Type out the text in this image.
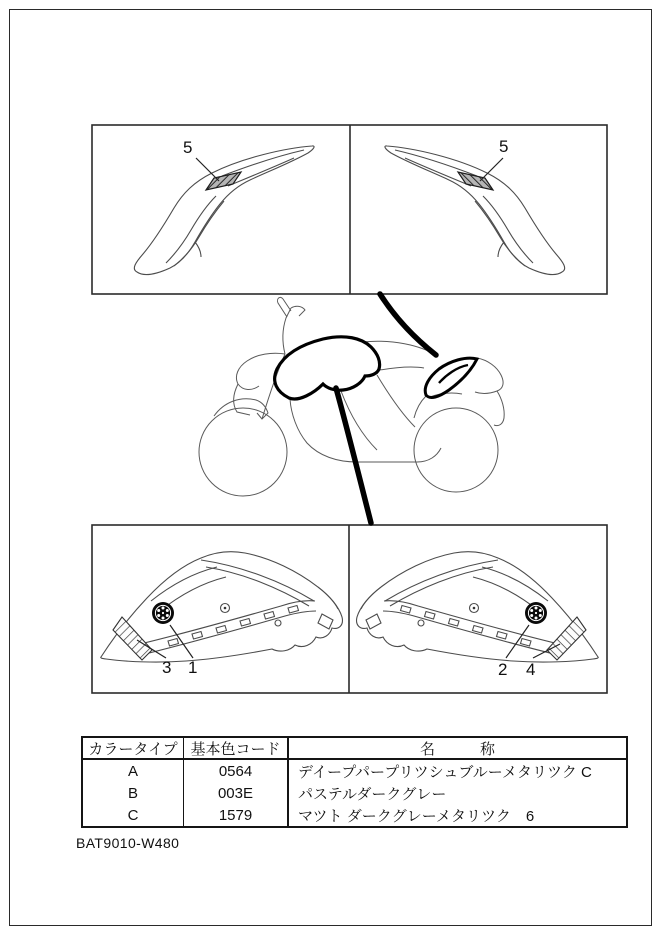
5	5
3 1	2 4
カラータイプ 基本色コード	名　　　称
A	0564	デイープパープリツシュブルーメタリツク C
B	003E	パステルダークグレー
C	1579	マツト ダークグレーメタリツク　6
BAT9010-W480
